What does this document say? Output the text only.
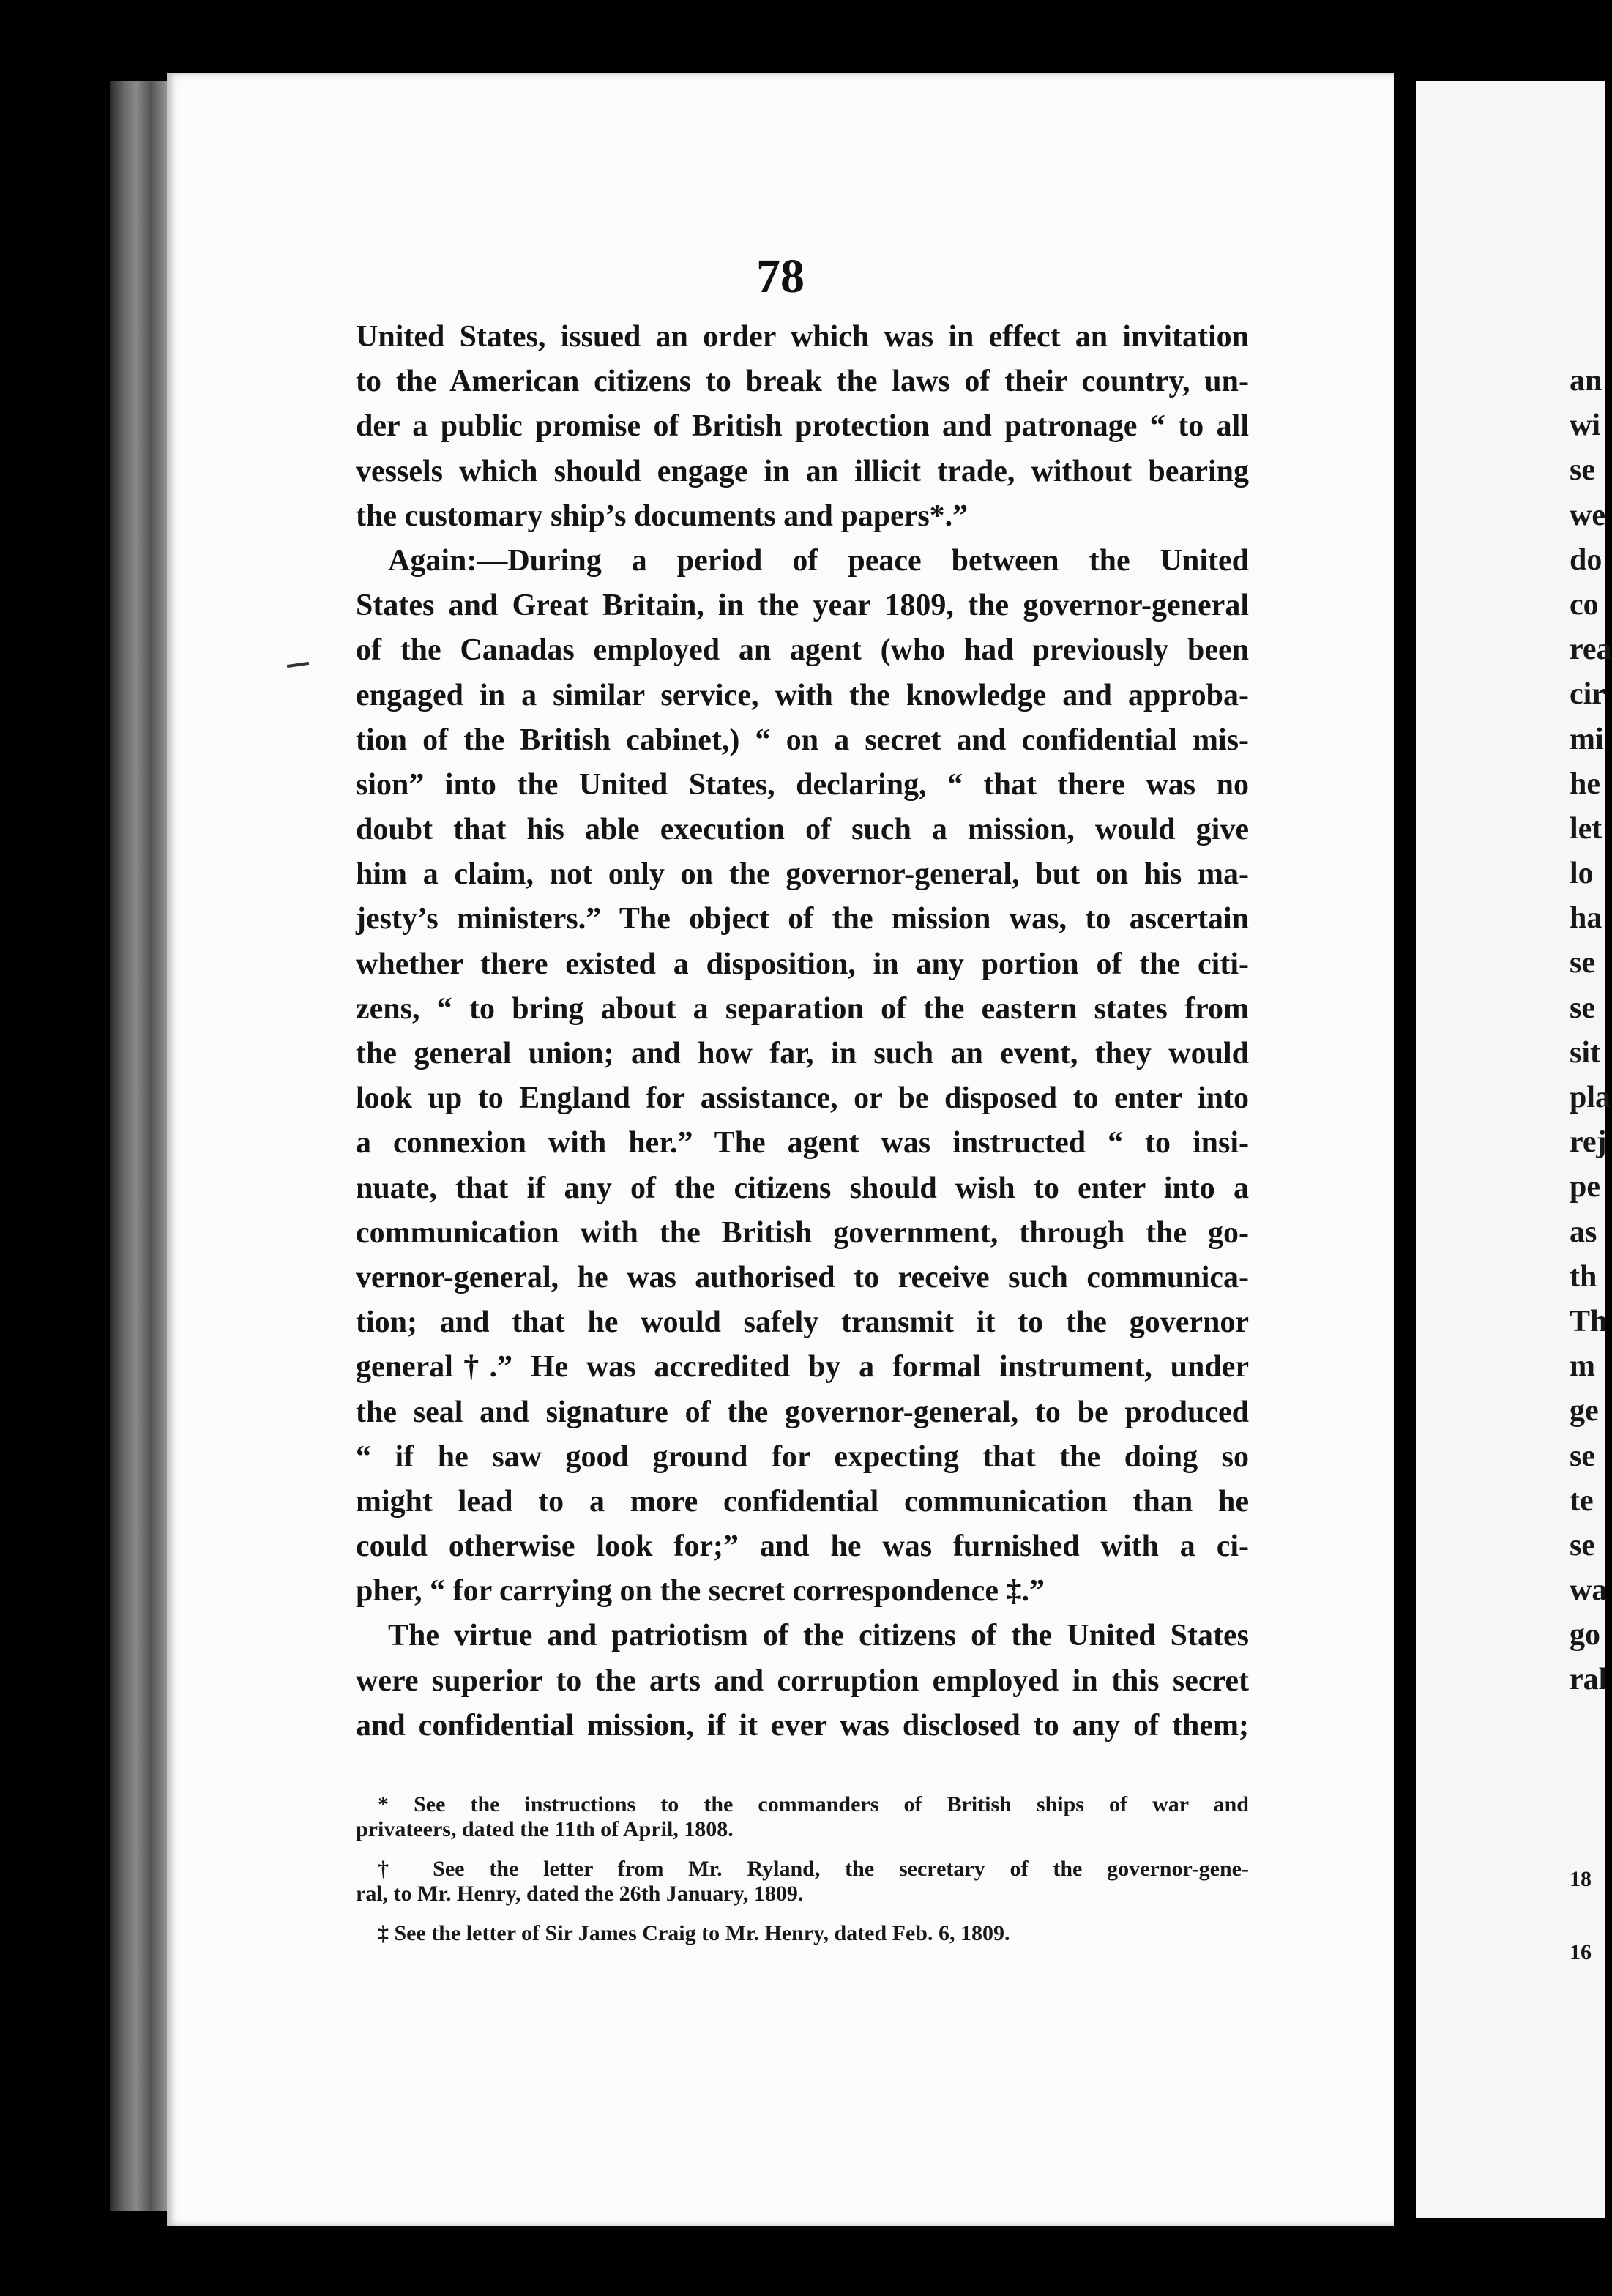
an
wi
se
we
do
co
rea
cir
mi
he
let
lo
ha
se
se
sit
pla
rej
pe
as
th
Th
m
ge
se
te
se
wa
go
ral
18
16
78
United States, issued an order which was in effect an invitation
to the American citizens to break the laws of their country, un-
der a public promise of British protection and patronage “ to all
vessels which should engage in an illicit trade, without bearing
the customary ship’s documents and papers*.”
Again:—During a period of peace between the United
States and Great Britain, in the year 1809, the governor-general
of the Canadas employed an agent (who had previously been
engaged in a similar service, with the knowledge and approba-
tion of the British cabinet,) “ on a secret and confidential mis-
sion” into the United States, declaring, “ that there was no
doubt that his able execution of such a mission, would give
him a claim, not only on the governor-general, but on his ma-
jesty’s ministers.” The object of the mission was, to ascertain
whether there existed a disposition, in any portion of the citi-
zens, “ to bring about a separation of the eastern states from
the general union; and how far, in such an event, they would
look up to England for assistance, or be disposed to enter into
a connexion with her.” The agent was instructed “ to insi-
nuate, that if any of the citizens should wish to enter into a
communication with the British government, through the go-
vernor-general, he was authorised to receive such communica-
tion; and that he would safely transmit it to the governor
general†.” He was accredited by a formal instrument, under
the seal and signature of the governor-general, to be produced
“ if he saw good ground for expecting that the doing so
might lead to a more confidential communication than he
could otherwise look for;” and he was furnished with a ci-
pher, “ for carrying on the secret correspondence ‡.”
The virtue and patriotism of the citizens of the United States
were superior to the arts and corruption employed in this secret
and confidential mission, if it ever was disclosed to any of them;
* See the instructions to the commanders of British ships of war and
privateers, dated the 11th of April, 1808.
† See the letter from Mr. Ryland, the secretary of the governor-gene-
ral, to Mr. Henry, dated the 26th January, 1809.
‡ See the letter of Sir James Craig to Mr. Henry, dated Feb. 6, 1809.
